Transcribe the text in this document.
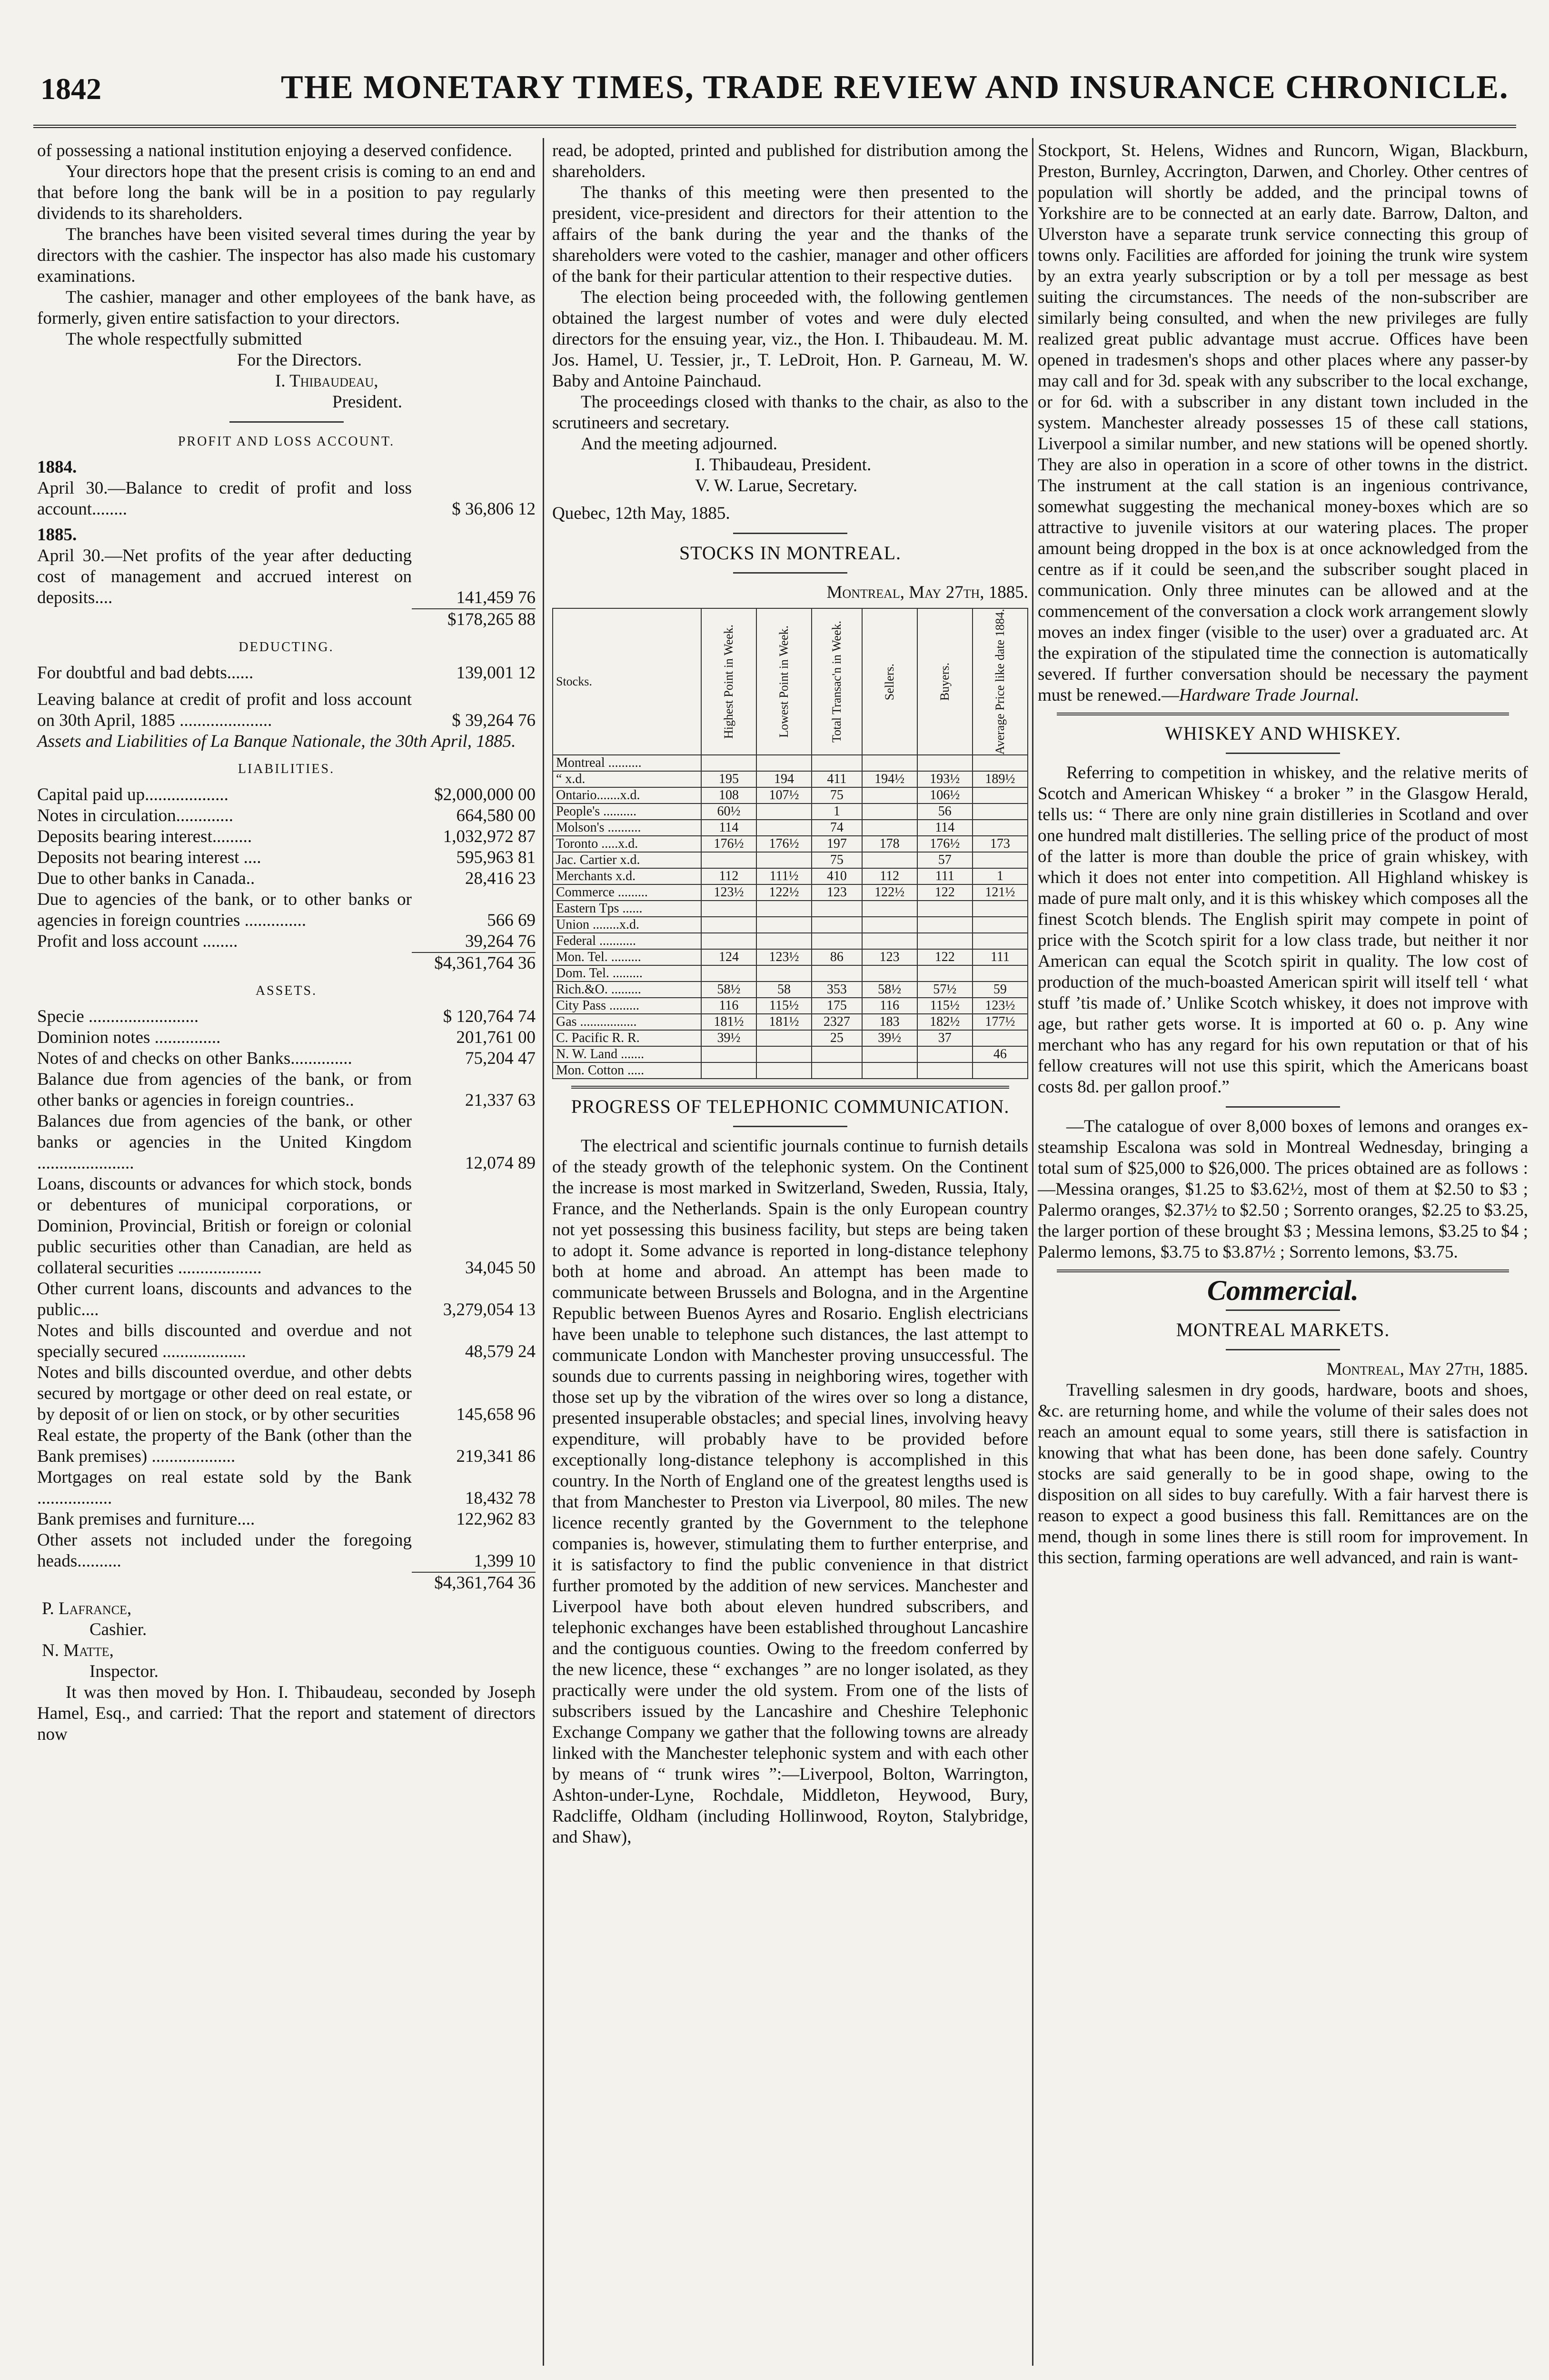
1842	THE MONETARY TIMES, TRADE REVIEW AND INSURANCE CHRONICLE.

of possessing a national institution enjoying a deserved confidence.

Your directors hope that the present crisis is coming to an end and that before long the bank will be in a position to pay regularly dividends to its shareholders.

The branches have been visited several times during the year by directors with the cashier. The inspector has also made his customary examinations.

The cashier, manager and other employees of the bank have, as formerly, given entire satisfaction to your directors.

The whole respectfully submitted

For the Directors.

I. Thibaudeau,

President.

PROFIT AND LOSS ACCOUNT.

1884.

April 30.—Balance to credit of profit and loss account........	$ 36,806 12

1885.

April 30.—Net profits of the year after deducting cost of management and accrued interest on deposits....	141,459 76
$178,265 88

DEDUCTING.

For doubtful and bad debts......	139,001 12
Leaving balance at credit of profit and loss account on 30th April, 1885 .....................	$ 39,264 76

Assets and Liabilities of La Banque Nationale, the 30th April, 1885.

LIABILITIES.

Capital paid up...................	$2,000,000 00
Notes in circulation.............	664,580 00
Deposits bearing interest.........	1,032,972 87
Deposits not bearing interest ....	595,963 81
Due to other banks in Canada..	28,416 23
Due to agencies of the bank, or to other banks or agencies in foreign countries ..............	566 69
Profit and loss account ........	39,264 76
$4,361,764 36

ASSETS.

Specie .........................	$ 120,764 74
Dominion notes ...............	201,761 00
Notes of and checks on other Banks..............	75,204 47
Balance due from agencies of the bank, or from other banks or agencies in foreign countries..	21,337 63
Balances due from agencies of the bank, or other banks or agencies in the United Kingdom ......................	12,074 89
Loans, discounts or advances for which stock, bonds or debentures of municipal corporations, or Dominion, Provincial, British or foreign or colonial public securities other than Canadian, are held as collateral securities ...................	34,045 50
Other current loans, discounts and advances to the public....	3,279,054 13
Notes and bills discounted and overdue and not specially secured ...................	48,579 24
Notes and bills discounted overdue, and other debts secured by mortgage or other deed on real estate, or by deposit of or lien on stock, or by other securities	145,658 96
Real estate, the property of the Bank (other than the Bank premises) ...................	219,341 86
Mortgages on real estate sold by the Bank .................	18,432 78
Bank premises and furniture....	122,962 83
Other assets not included under the foregoing heads..........	1,399 10
$4,361,764 36

P. Lafrance,

Cashier.

N. Matte,

Inspector.

It was then moved by Hon. I. Thibaudeau, seconded by Joseph Hamel, Esq., and carried: That the report and statement of directors now

read, be adopted, printed and published for distribution among the shareholders.

The thanks of this meeting were then presented to the president, vice-president and directors for their attention to the affairs of the bank during the year and the thanks of the shareholders were voted to the cashier, manager and other officers of the bank for their particular attention to their respective duties.

The election being proceeded with, the following gentlemen obtained the largest number of votes and were duly elected directors for the ensuing year, viz., the Hon. I. Thibaudeau. M. M. Jos. Hamel, U. Tessier, jr., T. LeDroit, Hon. P. Garneau, M. W. Baby and Antoine Painchaud.

The proceedings closed with thanks to the chair, as also to the scrutineers and secretary.

And the meeting adjourned.

I. Thibaudeau, President.

V. W. Larue, Secretary.

Quebec, 12th May, 1885.

STOCKS IN MONTREAL.

Montreal, May 27th, 1885.

Stocks.	Highest Point in Week.	Lowest Point in Week.	Total Transac'n in Week.	Sellers.	Buyers.	Average Price like date 1884.

Montreal ..........						
“ x.d.	195	194	411	194½	193½	189½
Ontario.......x.d.	108	107½	75		106½	
People's ..........	60½		1		56	
Molson's ..........	114		74		114	
Toronto .....x.d.	176½	176½	197	178	176½	173
Jac. Cartier x.d.			75		57	
Merchants x.d.	112	111½	410	112	111	1
Commerce .........	123½	122½	123	122½	122	121½
Eastern Tps ......						
Union ........x.d.						
Federal ...........						
Mon. Tel. .........	124	123½	86	123	122	111
Dom. Tel. .........						
Rich.&O. .........	58½	58	353	58½	57½	59
City Pass .........	116	115½	175	116	115½	123½
Gas .................	181½	181½	2327	183	182½	177½
C. Pacific R. R.	39½		25	39½	37	
N. W. Land .......						46
Mon. Cotton .....						

PROGRESS OF TELEPHONIC COMMUNICATION.

The electrical and scientific journals continue to furnish details of the steady growth of the telephonic system. On the Continent the increase is most marked in Switzerland, Sweden, Russia, Italy, France, and the Netherlands. Spain is the only European country not yet possessing this business facility, but steps are being taken to adopt it. Some advance is reported in long-distance telephony both at home and abroad. An attempt has been made to communicate between Brussels and Bologna, and in the Argentine Republic between Buenos Ayres and Rosario. English electricians have been unable to telephone such distances, the last attempt to communicate London with Manchester proving unsuccessful. The sounds due to currents passing in neighboring wires, together with those set up by the vibration of the wires over so long a distance, presented insuperable obstacles; and special lines, involving heavy expenditure, will probably have to be provided before exceptionally long-distance telephony is accomplished in this country. In the North of England one of the greatest lengths used is that from Manchester to Preston via Liverpool, 80 miles. The new licence recently granted by the Government to the telephone companies is, however, stimulating them to further enterprise, and it is satisfactory to find the public convenience in that district further promoted by the addition of new services. Manchester and Liverpool have both about eleven hundred subscribers, and telephonic exchanges have been established throughout Lancashire and the contiguous counties. Owing to the freedom conferred by the new licence, these “ exchanges ” are no longer isolated, as they practically were under the old system. From one of the lists of subscribers issued by the Lancashire and Cheshire Telephonic Exchange Company we gather that the following towns are already linked with the Manchester telephonic system and with each other by means of “ trunk wires ”:—Liverpool, Bolton, Warrington, Ashton-under-Lyne, Rochdale, Middleton, Heywood, Bury, Radcliffe, Oldham (including Hollinwood, Royton, Stalybridge, and Shaw),

Stockport, St. Helens, Widnes and Runcorn, Wigan, Blackburn, Preston, Burnley, Accrington, Darwen, and Chorley. Other centres of population will shortly be added, and the principal towns of Yorkshire are to be connected at an early date. Barrow, Dalton, and Ulverston have a separate trunk service connecting this group of towns only. Facilities are afforded for joining the trunk wire system by an extra yearly subscription or by a toll per message as best suiting the circumstances. The needs of the non-subscriber are similarly being consulted, and when the new privileges are fully realized great public advantage must accrue. Offices have been opened in tradesmen's shops and other places where any passer-by may call and for 3d. speak with any subscriber to the local exchange, or for 6d. with a subscriber in any distant town included in the system. Manchester already possesses 15 of these call stations, Liverpool a similar number, and new stations will be opened shortly. They are also in operation in a score of other towns in the district. The instrument at the call station is an ingenious contrivance, somewhat suggesting the mechanical money-boxes which are so attractive to juvenile visitors at our watering places. The proper amount being dropped in the box is at once acknowledged from the centre as if it could be seen,and the subscriber sought placed in communication. Only three minutes can be allowed and at the commencement of the conversation a clock work arrangement slowly moves an index finger (visible to the user) over a graduated arc. At the expiration of the stipulated time the connection is automatically severed. If further conversation should be necessary the payment must be renewed.—Hardware Trade Journal.

WHISKEY AND WHISKEY.

Referring to competition in whiskey, and the relative merits of Scotch and American Whiskey “ a broker ” in the Glasgow Herald, tells us: “ There are only nine grain distilleries in Scotland and over one hundred malt distilleries. The selling price of the product of most of the latter is more than double the price of grain whiskey, with which it does not enter into competition. All Highland whiskey is made of pure malt only, and it is this whiskey which composes all the finest Scotch blends. The English spirit may compete in point of price with the Scotch spirit for a low class trade, but neither it nor American can equal the Scotch spirit in quality. The low cost of production of the much-boasted American spirit will itself tell ‘ what stuff ’tis made of.’ Unlike Scotch whiskey, it does not improve with age, but rather gets worse. It is imported at 60 o. p. Any wine merchant who has any regard for his own reputation or that of his fellow creatures will not use this spirit, which the Americans boast costs 8d. per gallon proof.”

—The catalogue of over 8,000 boxes of lemons and oranges ex-steamship Escalona was sold in Montreal Wednesday, bringing a total sum of $25,000 to $26,000. The prices obtained are as follows :—Messina oranges, $1.25 to $3.62½, most of them at $2.50 to $3 ; Palermo oranges, $2.37½ to $2.50 ; Sorrento oranges, $2.25 to $3.25, the larger portion of these brought $3 ; Messina lemons, $3.25 to $4 ; Palermo lemons, $3.75 to $3.87½ ; Sorrento lemons, $3.75.

Commercial.

MONTREAL MARKETS.

Montreal, May 27th, 1885.

Travelling salesmen in dry goods, hardware, boots and shoes, &c. are returning home, and while the volume of their sales does not reach an amount equal to some years, still there is satisfaction in knowing that what has been done, has been done safely. Country stocks are said generally to be in good shape, owing to the disposition on all sides to buy carefully. With a fair harvest there is reason to expect a good business this fall. Remittances are on the mend, though in some lines there is still room for improvement. In this section, farming operations are well advanced, and rain is want-
